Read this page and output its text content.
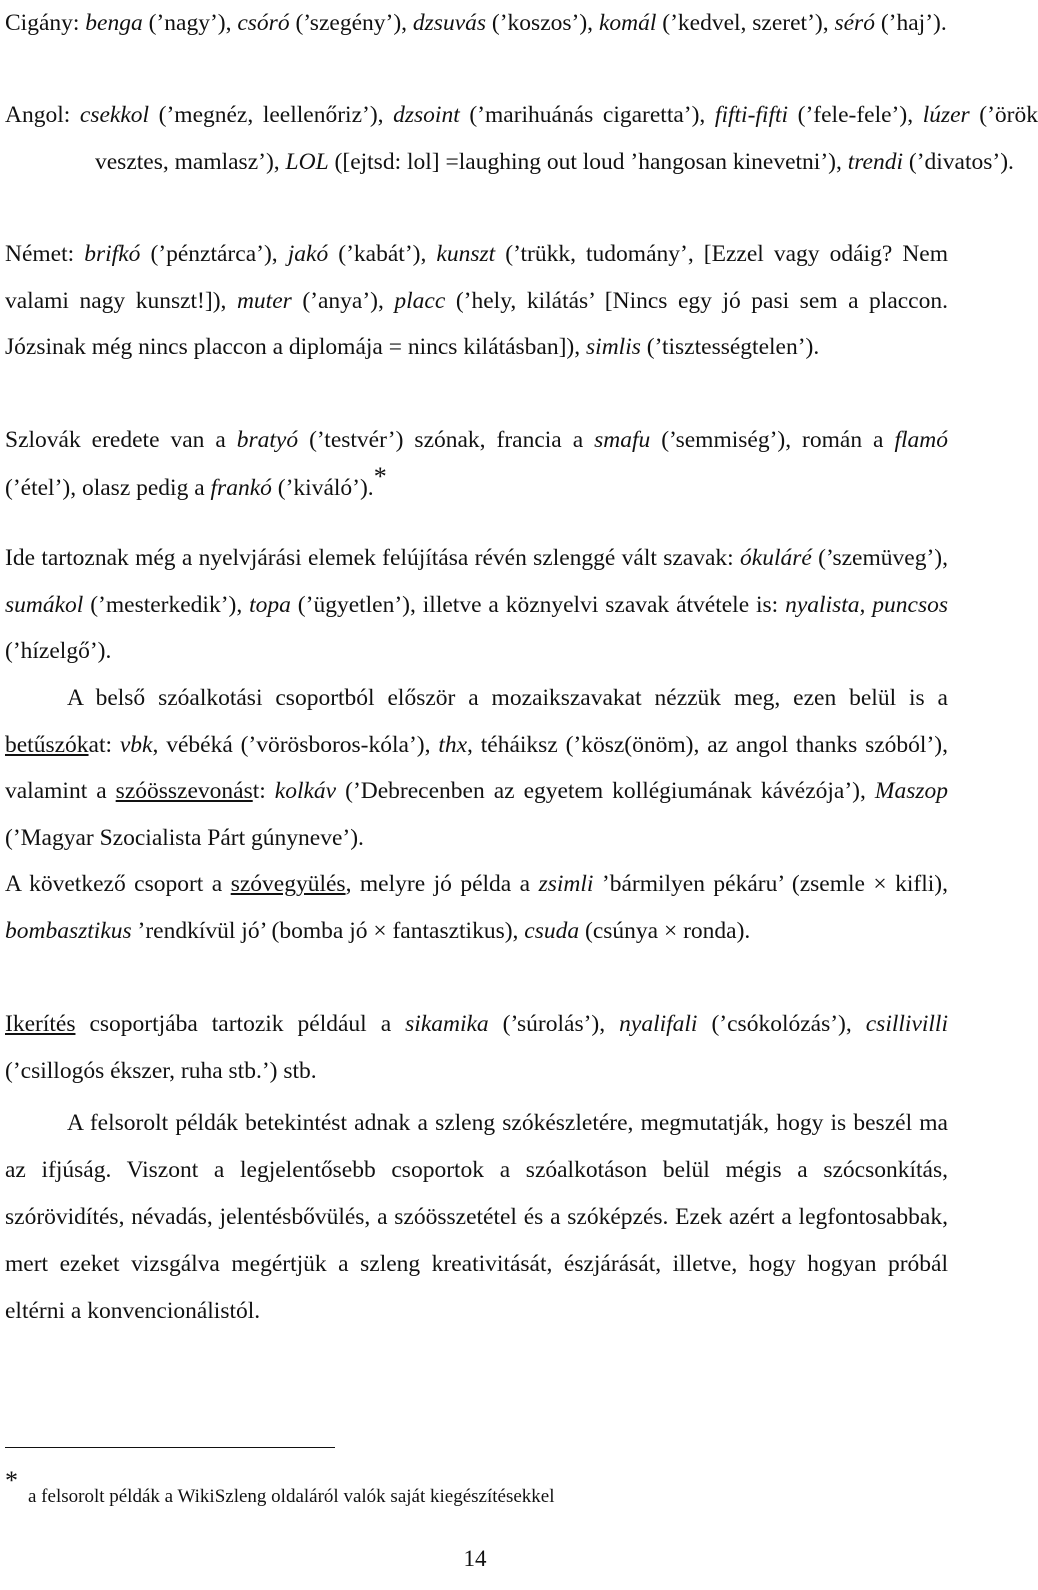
Cigány: benga (’nagy’), csóró (’szegény’), dzsuvás (’koszos’), komál (’kedvel, szeret’), séró (’haj’).

Angol: csekkol (’megnéz, leellenőriz’), dzsoint (’marihuánás cigaretta’), fifti-fifti (’fele-fele’), lúzer (’örök vesztes, mamlasz’), LOL ([ejtsd: lol] =laughing out loud ’hangosan kinevetni’), trendi (’divatos’).

Német: brifkó (’pénztárca’), jakó (’kabát’), kunszt (’trükk, tudomány’, [Ezzel vagy odáig? Nem valami nagy kunszt!]), muter (’anya’), placc (’hely, kilátás’ [Nincs egy jó pasi sem a placcon. Józsinak még nincs placcon a diplomája = nincs kilátásban]), simlis (’tisztességtelen’).

Szlovák eredete van a bratyó (’testvér’) szónak, francia a smafu (’semmiség’), román a flamó (’étel’), olasz pedig a frankó (’kiváló’).*

Ide tartoznak még a nyelvjárási elemek felújítása révén szlenggé vált szavak: ókuláré (’szemüveg’), sumákol (’mesterkedik’), topa (’ügyetlen’), illetve a köznyelvi szavak átvétele is: nyalista, puncsos (’hízelgő’).

A belső szóalkotási csoportból először a mozaikszavakat nézzük meg, ezen belül is a betűszókat: vbk, vébéká (’vörösboros-kóla’), thx, téháiksz (’kösz(önöm), az angol thanks szóból’), valamint a szóösszevonást: kolkáv (’Debrecenben az egyetem kollégiumának kávézója’), Maszop (’Magyar Szocialista Párt gúnyneve’).

A következő csoport a szóvegyülés, melyre jó példa a zsimli ’bármilyen pékáru’ (zsemle × kifli), bombasztikus ’rendkívül jó’ (bomba jó × fantasztikus), csuda (csúnya × ronda).

Ikerítés csoportjába tartozik például a sikamika (’súrolás’), nyalifali (’csókolózás’), csillivilli (’csillogós ékszer, ruha stb.’) stb.

A felsorolt példák betekintést adnak a szleng szókészletére, megmutatják, hogy is beszél ma az ifjúság. Viszont a legjelentősebb csoportok a szóalkotáson belül mégis a szócsonkítás, szórövidítés, névadás, jelentésbővülés, a szóösszetétel és a szóképzés. Ezek azért a legfontosabbak, mert ezeket vizsgálva megértjük a szleng kreativitását, észjárását, illetve, hogy hogyan próbál eltérni a konvencionálistól.

*
a felsorolt példák a WikiSzleng oldaláról valók saját kiegészítésekkel
14
